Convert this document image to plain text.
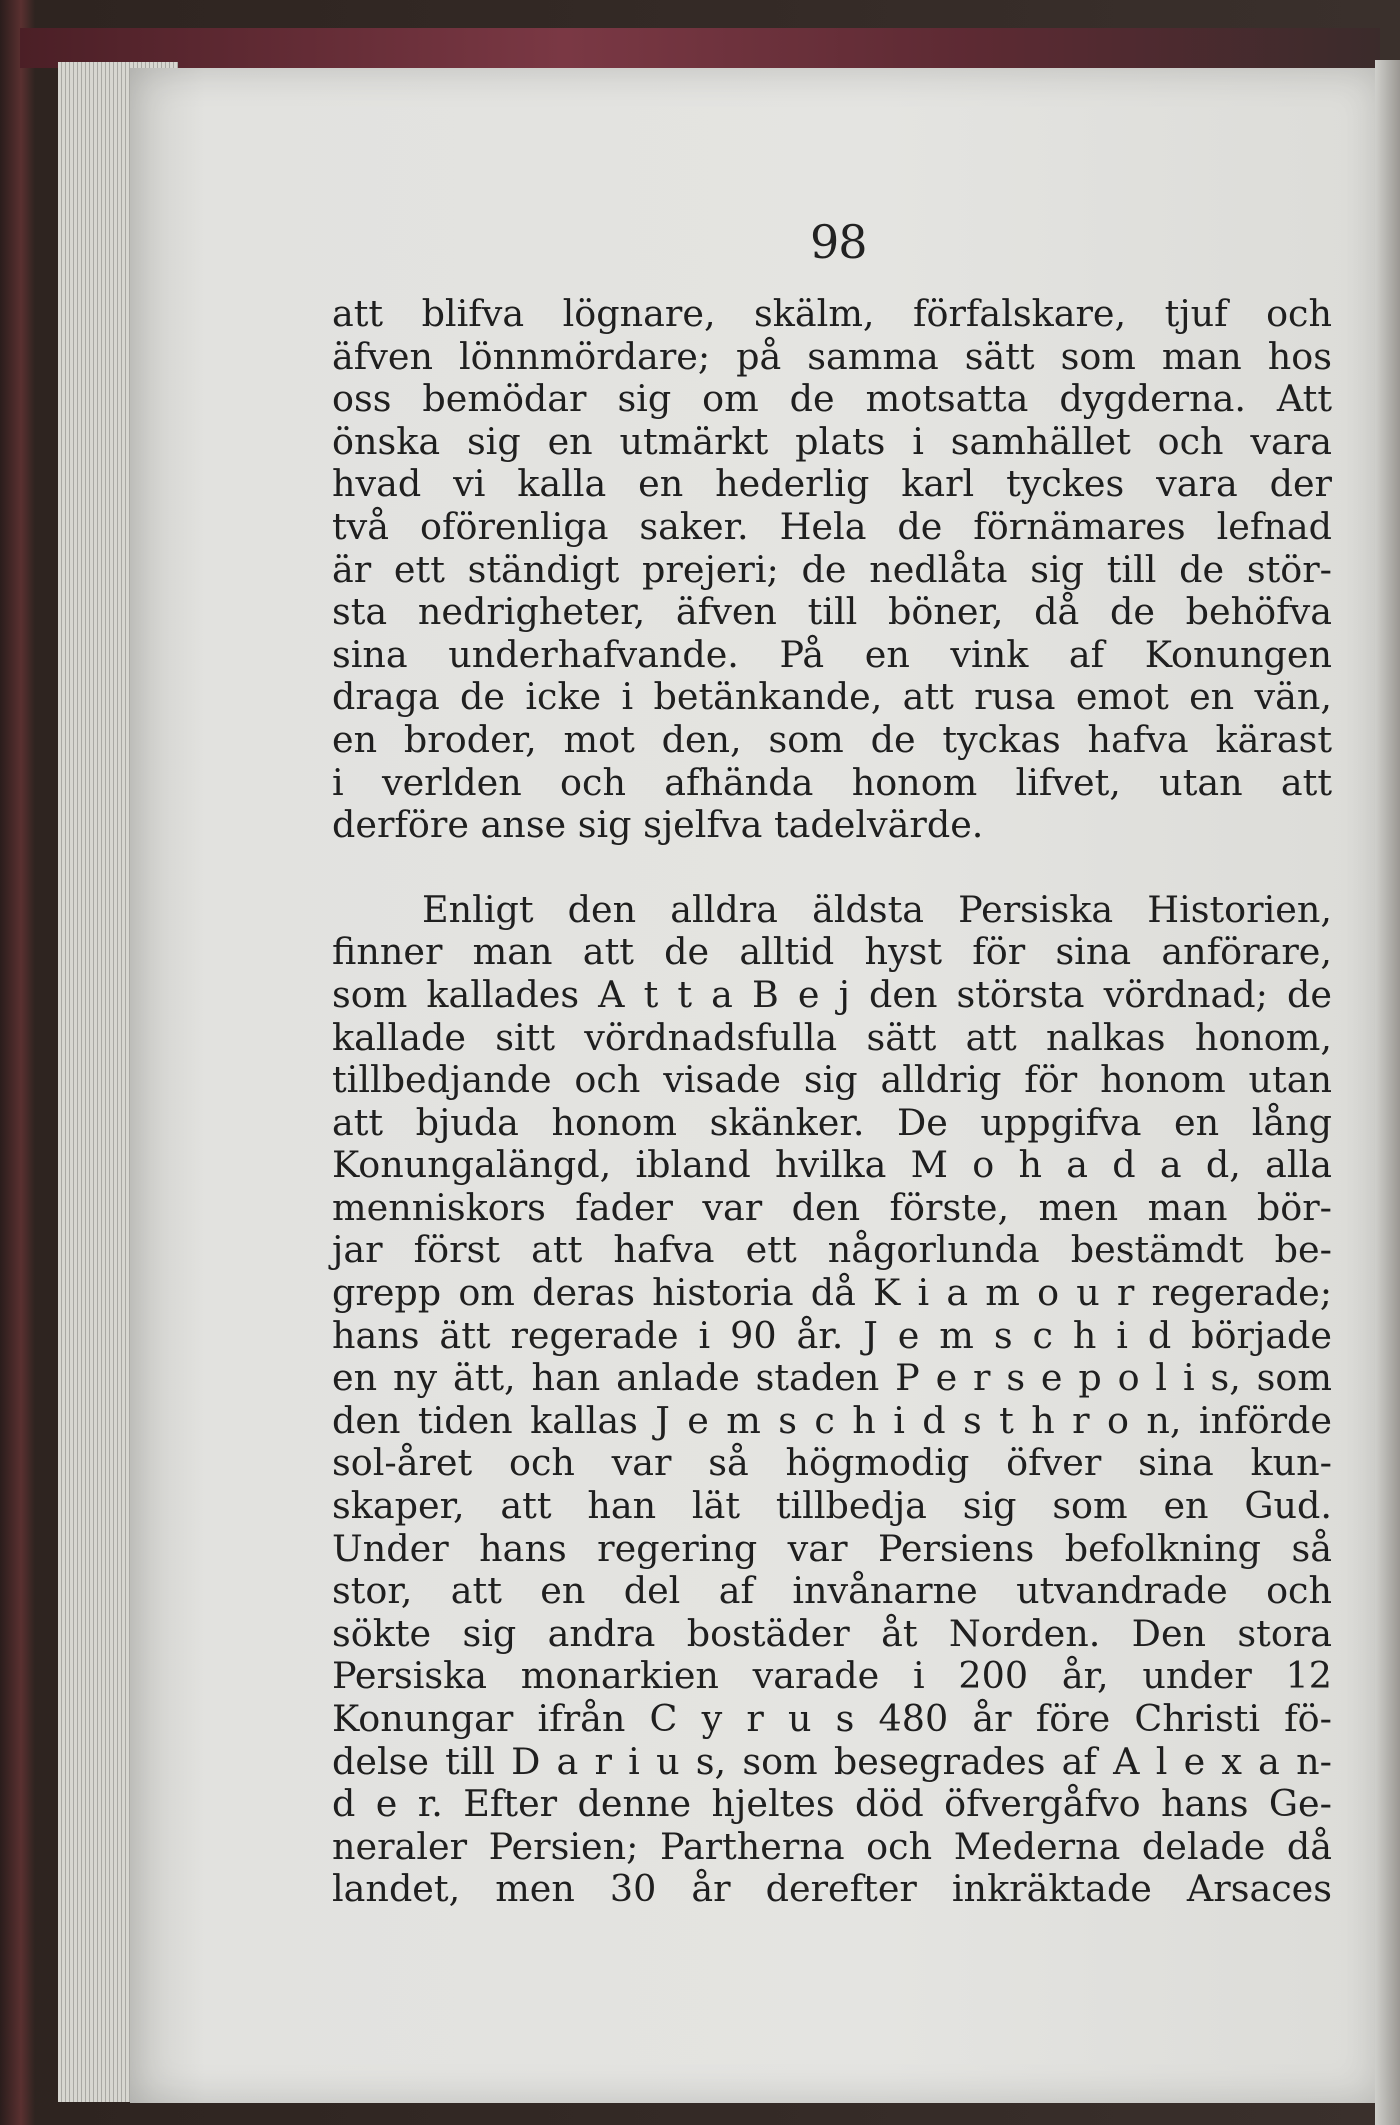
98
att blifva lögnare, skälm, förfalskare, tjuf och
äfven lönnmördare; på samma sätt som man hos
oss bemödar sig om de motsatta dygderna. Att
önska sig en utmärkt plats i samhället och vara
hvad vi kalla en hederlig karl tyckes vara der
två oförenliga saker. Hela de förnämares lefnad
är ett ständigt prejeri; de nedlåta sig till de stör-
sta nedrigheter, äfven till böner, då de behöfva
sina underhafvande. På en vink af Konungen
draga de icke i betänkande, att rusa emot en vän,
en broder, mot den, som de tyckas hafva kärast
i verlden och afhända honom lifvet, utan att
derföre anse sig sjelfva tadelvärde.
Enligt den alldra äldsta Persiska Historien,
finner man att de alltid hyst för sina anförare,
som kallades A t t a B e j den största vördnad; de
kallade sitt vördnadsfulla sätt att nalkas honom,
tillbedjande och visade sig alldrig för honom utan
att bjuda honom skänker. De uppgifva en lång
Konungalängd, ibland hvilka M o h a d a d, alla
menniskors fader var den förste, men man bör-
jar först att hafva ett någorlunda bestämdt be-
grepp om deras historia då K i a m o u r regerade;
hans ätt regerade i 90 år. J e m s c h i d började
en ny ätt, han anlade staden P e r s e p o l i s, som
den tiden kallas J e m s c h i d s t h r o n, införde
sol-året och var så högmodig öfver sina kun-
skaper, att han lät tillbedja sig som en Gud.
Under hans regering var Persiens befolkning så
stor, att en del af invånarne utvandrade och
sökte sig andra bostäder åt Norden. Den stora
Persiska monarkien varade i 200 år, under 12
Konungar ifrån C y r u s 480 år före Christi fö-
delse till D a r i u s, som besegrades af A l e x a n-
d e r. Efter denne hjeltes död öfvergåfvo hans Ge-
neraler Persien; Partherna och Mederna delade då
landet, men 30 år derefter inkräktade Arsaces
